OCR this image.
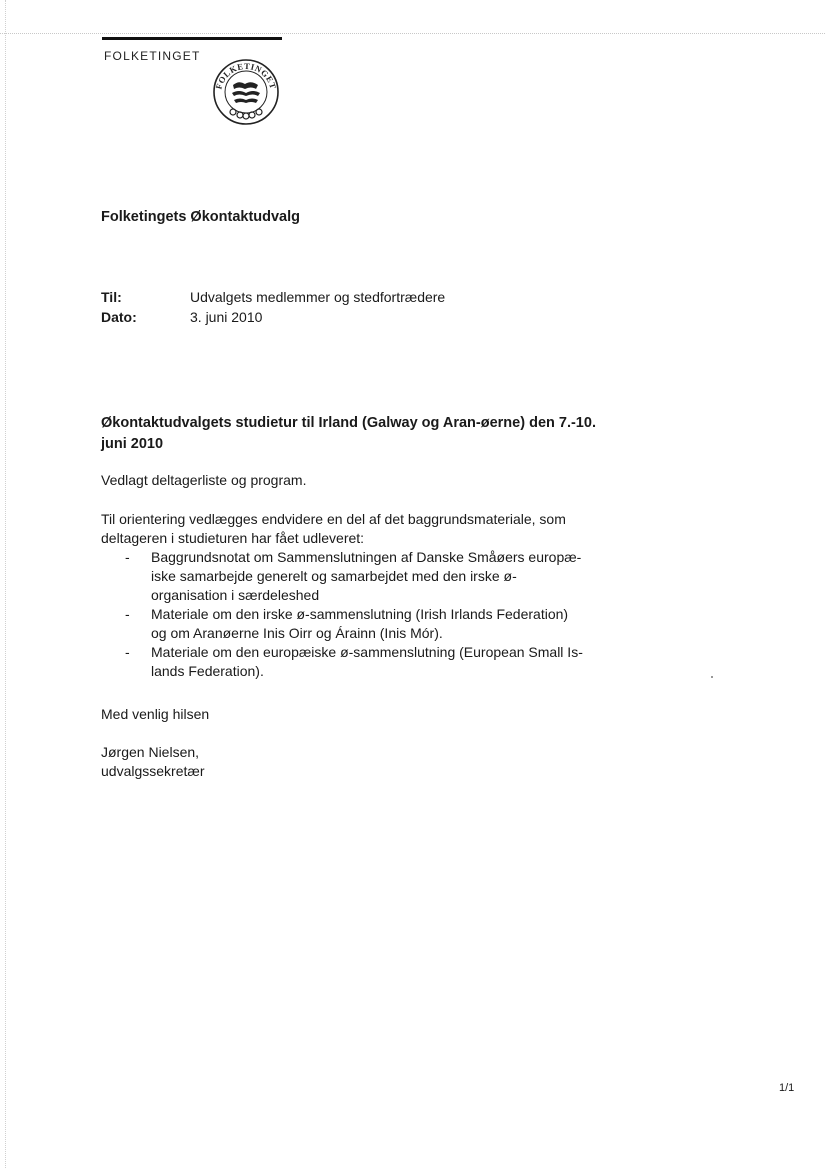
FOLKETINGET
FOLKETINGET
Folketingets Økontaktudvalg
Til:	Udvalgets medlemmer og stedfortrædere
Dato:	3. juni 2010
Økontaktudvalgets studietur til Irland (Galway og Aran-øerne) den 7.-10.
juni 2010
Vedlagt deltagerliste og program.
Til orientering vedlægges endvidere en del af det baggrundsmateriale, som
deltageren i studieturen har fået udleveret:
- Baggrundsnotat om Sammenslutningen af Danske Småøers europæ-
iske samarbejde generelt og samarbejdet med den irske ø-
organisation i særdeleshed
- Materiale om den irske ø-sammenslutning (Irish Irlands Federation)
og om Aranøerne Inis Oirr og Árainn (Inis Mór).
- Materiale om den europæiske ø-sammenslutning (European Small Is-
lands Federation).
Med venlig hilsen
Jørgen Nielsen,
udvalgssekretær
1/1
